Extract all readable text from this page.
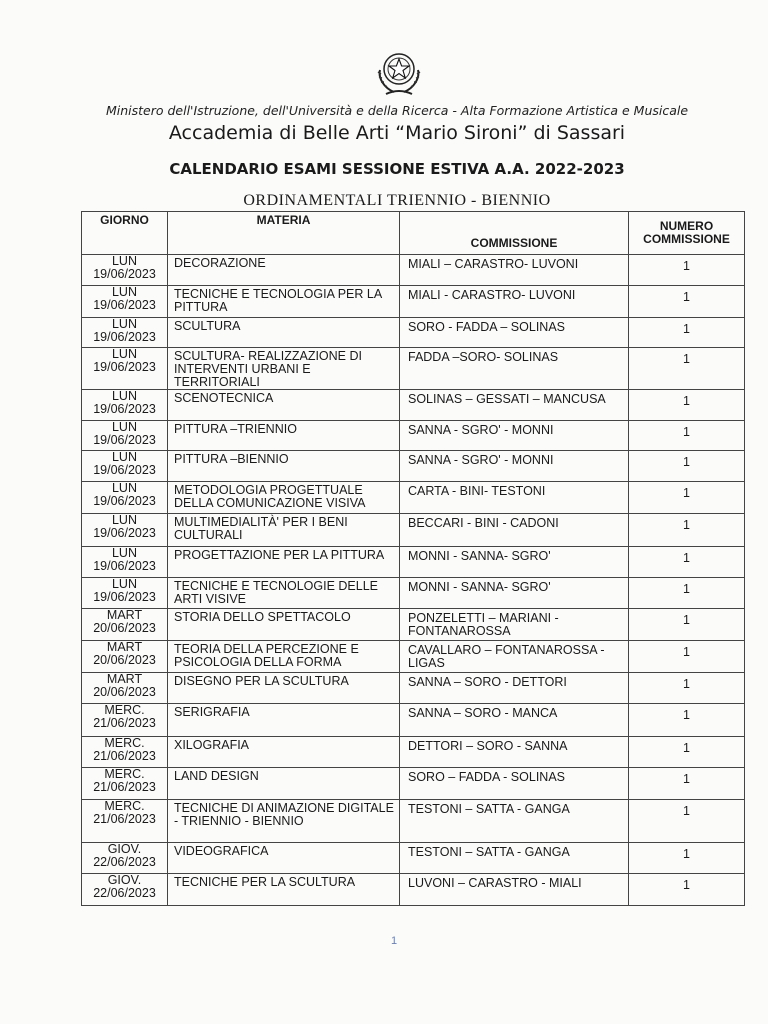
Ministero dell'Istruzione, dell'Università e della Ricerca - Alta Formazione Artistica e Musicale
Accademia di Belle Arti “Mario Sironi” di Sassari
CALENDARIO ESAMI SESSIONE ESTIVA A.A. 2022-2023
ORDINAMENTALI TRIENNIO - BIENNIO
GIORNO	MATERIA	COMMISSIONE	NUMERO
COMMISSIONE
LUN
19/06/2023	DECORAZIONE	MIALI – CARASTRO- LUVONI	1
LUN
19/06/2023	TECNICHE E TECNOLOGIA PER LA PITTURA	MIALI - CARASTRO- LUVONI	1
LUN
19/06/2023	SCULTURA	SORO - FADDA – SOLINAS	1
LUN
19/06/2023	SCULTURA- REALIZZAZIONE DI INTERVENTI URBANI E TERRITORIALI	FADDA –SORO- SOLINAS	1
LUN
19/06/2023	SCENOTECNICA	SOLINAS – GESSATI – MANCUSA	1
LUN
19/06/2023	PITTURA –TRIENNIO	SANNA - SGRO' - MONNI	1
LUN
19/06/2023	PITTURA –BIENNIO	SANNA - SGRO' - MONNI	1
LUN
19/06/2023	METODOLOGIA PROGETTUALE DELLA COMUNICAZIONE VISIVA	CARTA - BINI- TESTONI	1
LUN
19/06/2023	MULTIMEDIALITÀ' PER I BENI CULTURALI	BECCARI - BINI - CADONI	1
LUN
19/06/2023	PROGETTAZIONE PER LA PITTURA	MONNI - SANNA- SGRO'	1
LUN
19/06/2023	TECNICHE E TECNOLOGIE DELLE ARTI VISIVE	MONNI - SANNA- SGRO'	1
MART
20/06/2023	STORIA DELLO SPETTACOLO	PONZELETTI – MARIANI - FONTANAROSSA	1
MART
20/06/2023	TEORIA DELLA PERCEZIONE E PSICOLOGIA DELLA FORMA	CAVALLARO – FONTANAROSSA - LIGAS	1
MART
20/06/2023	DISEGNO PER LA SCULTURA	SANNA – SORO - DETTORI	1
MERC.
21/06/2023	SERIGRAFIA	SANNA – SORO - MANCA	1
MERC.
21/06/2023	XILOGRAFIA	DETTORI – SORO - SANNA	1
MERC.
21/06/2023	LAND DESIGN	SORO – FADDA - SOLINAS	1
MERC.
21/06/2023	TECNICHE DI ANIMAZIONE DIGITALE - TRIENNIO - BIENNIO	TESTONI – SATTA - GANGA	1
GIOV.
22/06/2023	VIDEOGRAFICA	TESTONI – SATTA - GANGA	1
GIOV.
22/06/2023	TECNICHE PER LA SCULTURA	LUVONI – CARASTRO - MIALI	1
1
